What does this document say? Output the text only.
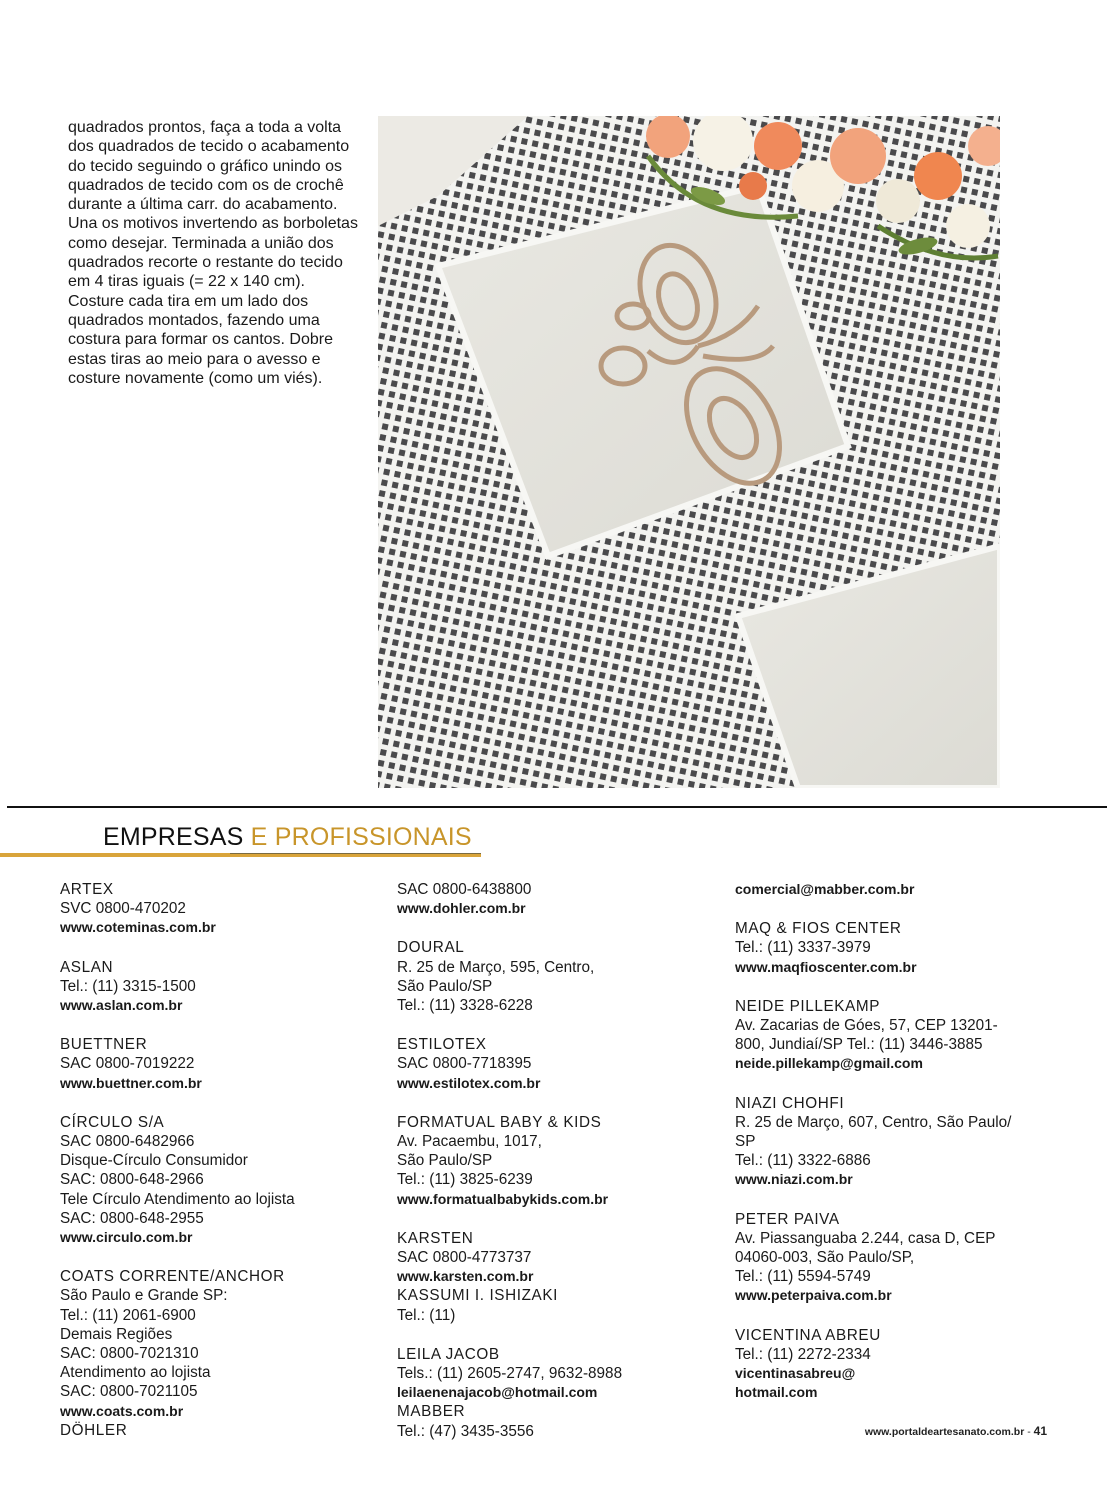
quadrados prontos, faça a toda a volta dos quadrados de tecido o acabamento do tecido seguindo o gráfico unindo os quadrados de tecido com os de crochê durante a última carr. do acabamento. Una os motivos invertendo as borboletas como desejar. Terminada a união dos quadrados recorte o restante do tecido em 4 tiras iguais (= 22 x 140 cm). Costure cada tira em um lado dos quadrados montados, fazendo uma costura para formar os cantos. Dobre estas tiras ao meio para o avesso e costure novamente (como um viés).

EMPRESAS E PROFISSIONAIS
ARTEX
SVC 0800-470202
www.coteminas.com.br
ASLAN
Tel.: (11) 3315-1500
www.aslan.com.br
BUETTNER
SAC 0800-7019222
www.buettner.com.br
CÍRCULO S/A
SAC 0800-6482966
Disque-Círculo Consumidor
SAC: 0800-648-2966
Tele Círculo Atendimento ao lojista
SAC: 0800-648-2955
www.circulo.com.br
COATS CORRENTE/ANCHOR
São Paulo e Grande SP:
Tel.: (11) 2061-6900
Demais Regiões
SAC: 0800-7021310
Atendimento ao lojista
SAC: 0800-7021105
www.coats.com.br
DÖHLER
SAC 0800-6438800
www.dohler.com.br
DOURAL
R. 25 de Março, 595, Centro,
São Paulo/SP
Tel.: (11) 3328-6228
ESTILOTEX
SAC 0800-7718395
www.estilotex.com.br
FORMATUAL BABY & KIDS
Av. Pacaembu, 1017,
São Paulo/SP
Tel.: (11) 3825-6239
www.formatualbabykids.com.br
KARSTEN
SAC 0800-4773737
www.karsten.com.br
KASSUMI I. ISHIZAKI
Tel.: (11)
LEILA JACOB
Tels.: (11) 2605-2747, 9632-8988
leilaenenajacob@hotmail.com
MABBER
Tel.: (47) 3435-3556
comercial@mabber.com.br
MAQ & FIOS CENTER
Tel.: (11) 3337-3979
www.maqfioscenter.com.br
NEIDE PILLEKAMP
Av. Zacarias de Góes, 57, CEP 13201-
800, Jundiaí/SP Tel.: (11) 3446-3885
neide.pillekamp@gmail.com
NIAZI CHOHFI
R. 25 de Março, 607, Centro, São Paulo/
SP
Tel.: (11) 3322-6886
www.niazi.com.br
PETER PAIVA
Av. Piassanguaba 2.244, casa D, CEP
04060-003, São Paulo/SP,
Tel.: (11) 5594-5749
www.peterpaiva.com.br
VICENTINA ABREU
Tel.: (11) 2272-2334
vicentinasabreu@
hotmail.com
www.portaldeartesanato.com.br - 41
